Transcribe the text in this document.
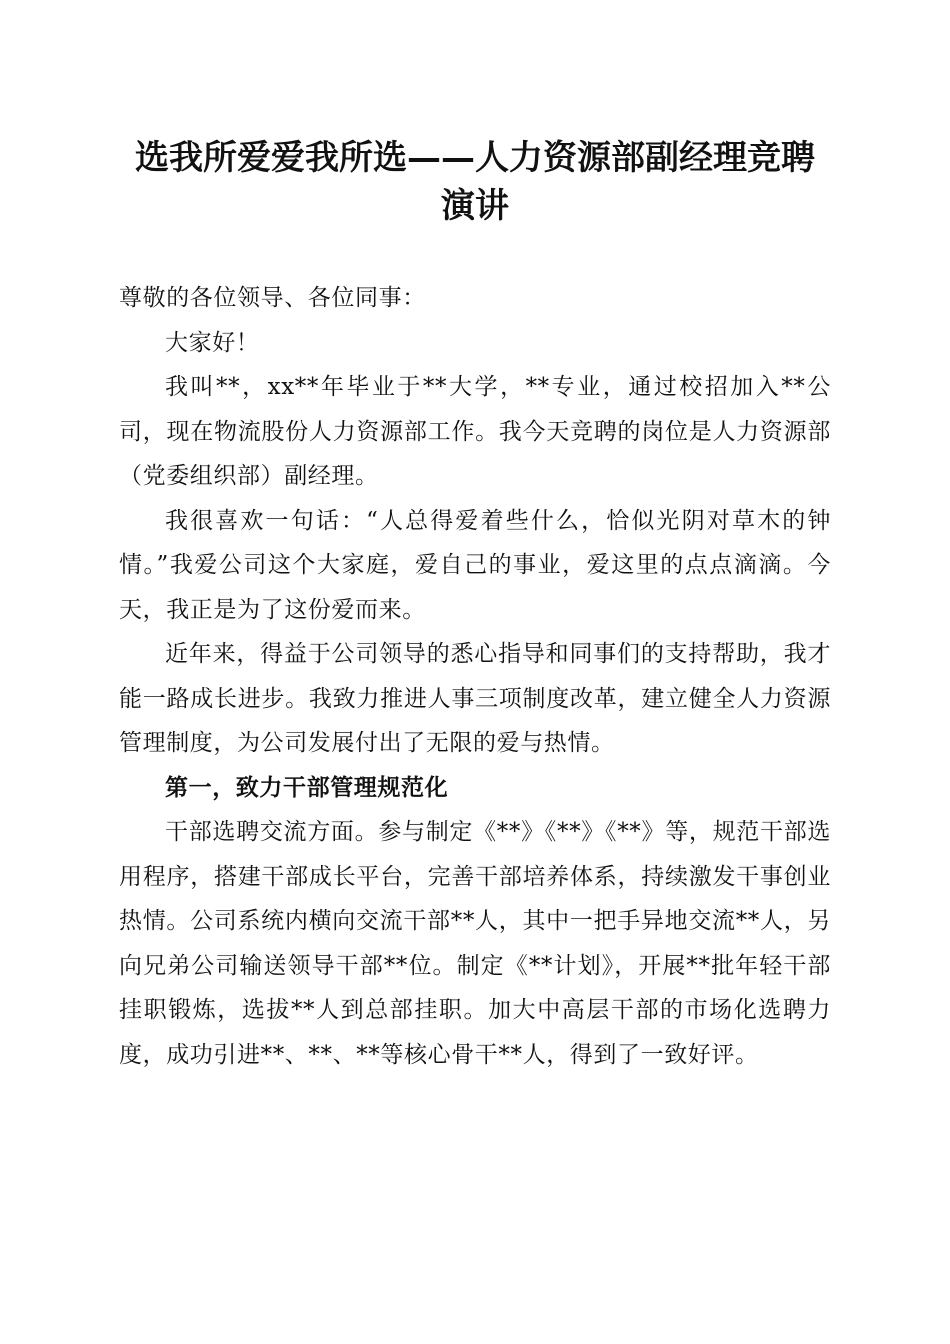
选我所爱爱我所选——人力资源部副经理竞聘
演讲

尊敬的各位领导、各位同事：

大家好！

我叫**，xx**年毕业于**大学，**专业，通过校招加入**公司，现在物流股份人力资源部工作。我今天竞聘的岗位是人力资源部（党委组织部）副经理。

我很喜欢一句话：“人总得爱着些什么，恰似光阴对草木的钟情。”我爱公司这个大家庭，爱自己的事业，爱这里的点点滴滴。今天，我正是为了这份爱而来。

近年来，得益于公司领导的悉心指导和同事们的支持帮助，我才能一路成长进步。我致力推进人事三项制度改革，建立健全人力资源管理制度，为公司发展付出了无限的爱与热情。

第一，致力干部管理规范化

干部选聘交流方面。参与制定《**》《**》《**》等，规范干部选用程序，搭建干部成长平台，完善干部培养体系，持续激发干事创业热情。公司系统内横向交流干部**人，其中一把手异地交流**人，另向兄弟公司输送领导干部**位。制定《**计划》，开展**批年轻干部挂职锻炼，选拔**人到总部挂职。加大中高层干部的市场化选聘力度，成功引进**、**、**等核心骨干**人，得到了一致好评。
